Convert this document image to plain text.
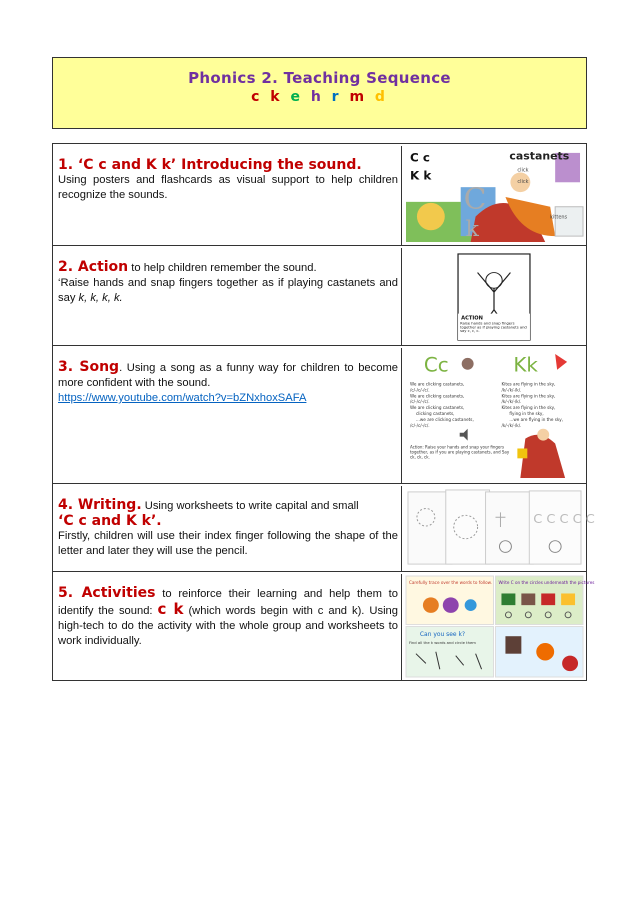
Phonics 2. Teaching Sequence
c k e h r m d
1. ‘C c and K k’ Introducing the sound.
Using posters and flashcards as visual support to help children recognize the sounds.
C c
K k
castanets
click
click
kittens
C
k
2. Action to help children remember the sound.
‘Raise hands and snap fingers together as if playing castanets and say k, k, k, k.
ACTION
Raise hands and snap fingers together as if playing castanets and say c, c, c.
3. Song. Using a song as a funny way for children to become more confident with the sound.
https://www.youtube.com/watch?v=bZNxhoxSAFA
Cc	Kk
We are clicking castanets,
/c/-/c/-/c/.
We are clicking castanets,
/c/-/c/-/c/.
We are clicking castanets,
clicking castanets,
...we are clicking castanets,
/c/-/c/-/c/.
Kites are flying in the sky,
/k/-/k/-/k/.
Kites are flying in the sky,
/k/-/k/-/k/.
Kites are flying in the sky,
flying in the sky,
...we are flying in the sky,
/k/-/k/-/k/.
Action: Raise your hands and snap your fingers together, as if you are playing castanets, and Say ck, ck, ck.
4. Writing. Using worksheets to write capital and small
‘C c and K k’.
Firstly, children will use their index finger following the shape of the letter and later they will use the pencil.
C C C C C
5. Activities to reinforce their learning and help them to identify the sound: c k (which words begin with c and k). Using high-tech to do the activity with the whole group and worksheets to work individually.
Carefully trace over the words to follow. Write C on the circles underneath the pictures
Can you see k?
Find all the k words and circle them
